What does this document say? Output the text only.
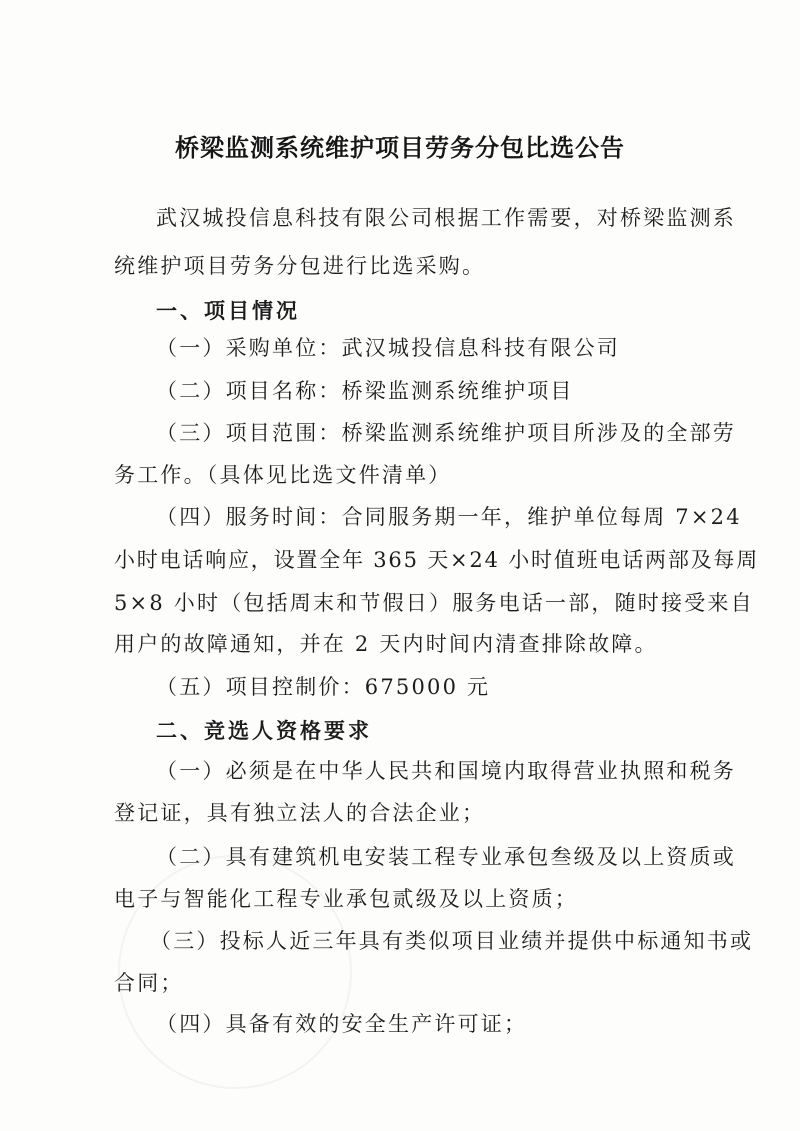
桥梁监测系统维护项目劳务分包比选公告
武汉城投信息科技有限公司根据工作需要，对桥梁监测系
统维护项目劳务分包进行比选采购。
一、项目情况
（一）采购单位：武汉城投信息科技有限公司
（二）项目名称：桥梁监测系统维护项目
（三）项目范围：桥梁监测系统维护项目所涉及的全部劳
务工作。（具体见比选文件清单）
（四）服务时间：合同服务期一年，维护单位每周 7×24
小时电话响应，设置全年 365 天×24 小时值班电话两部及每周
5×8 小时（包括周末和节假日）服务电话一部，随时接受来自
用户的故障通知，并在 2 天内时间内清查排除故障。
（五）项目控制价：675000 元
二、竞选人资格要求
（一）必须是在中华人民共和国境内取得营业执照和税务
登记证，具有独立法人的合法企业；
（二）具有建筑机电安装工程专业承包叁级及以上资质或
电子与智能化工程专业承包贰级及以上资质；
（三）投标人近三年具有类似项目业绩并提供中标通知书或
合同；
（四）具备有效的安全生产许可证；
